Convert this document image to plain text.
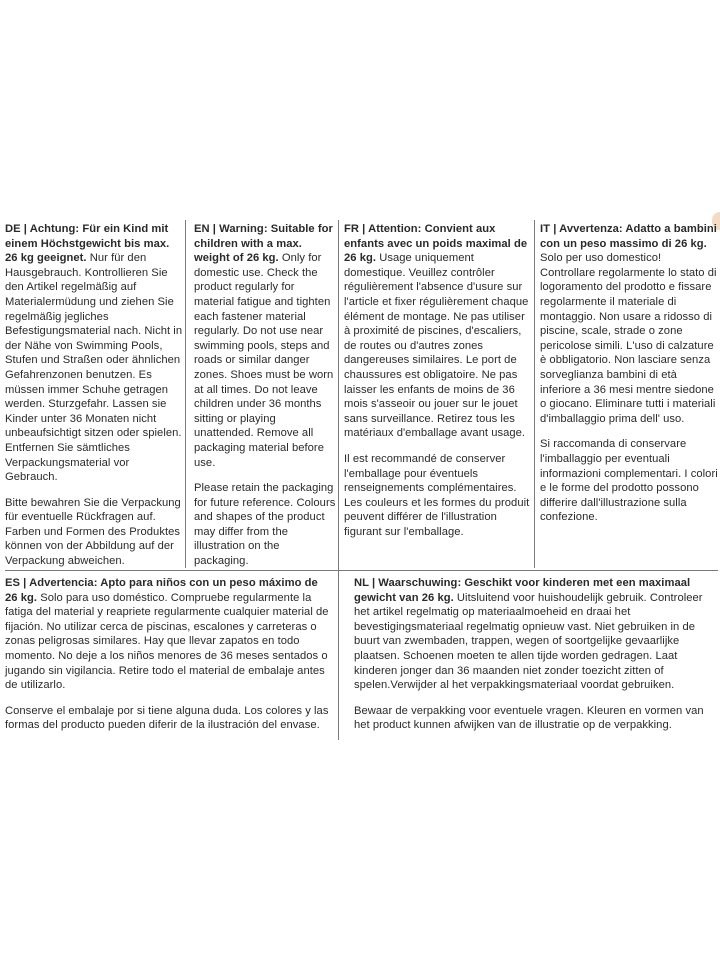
DE | Achtung: Für ein Kind mit einem Höchstgewicht bis max. 26 kg geeignet. Nur für den Hausgebrauch. Kontrollieren Sie den Artikel regelmäßig auf Materialermüdung und ziehen Sie regelmäßig jegliches Befestigungsmaterial nach. Nicht in der Nähe von Swimming Pools, Stufen und Straßen oder ähnlichen Gefahrenzonen benutzen. Es müssen immer Schuhe getragen werden. Sturzgefahr. Lassen sie Kinder unter 36 Monaten nicht unbeaufsichtigt sitzen oder spielen. Entfernen Sie sämtliches Verpackungsmaterial vor Gebrauch.

Bitte bewahren Sie die Verpackung für eventuelle Rückfragen auf. Farben und Formen des Produktes können von der Abbildung auf der Verpackung abweichen.

EN | Warning: Suitable for children with a max. weight of 26 kg. Only for domestic use. Check the product regularly for material fatigue and tighten each fastener material regularly. Do not use near swimming pools, steps and roads or similar danger zones. Shoes must be worn at all times. Do not leave children under 36 months sitting or playing unattended. Remove all packaging material before use.

Please retain the packaging for future reference. Colours and shapes of the product may differ from the illustration on the packaging.

FR | Attention: Convient aux enfants avec un poids maximal de 26 kg. Usage uniquement domestique. Veuillez contrôler régulièrement l'absence d'usure sur l'article et fixer régulièrement chaque élément de montage. Ne pas utiliser à proximité de piscines, d'escaliers, de routes ou d'autres zones dangereuses similaires. Le port de chaussures est obligatoire. Ne pas laisser les enfants de moins de 36 mois s'asseoir ou jouer sur le jouet sans surveillance. Retirez tous les matériaux d'emballage avant usage.

Il est recommandé de conserver l'emballage pour éventuels renseignements complémentaires. Les couleurs et les formes du produit peuvent différer de l'illustration figurant sur l'emballage.

IT | Avvertenza: Adatto a bambini con un peso massimo di 26 kg. Solo per uso domestico! Controllare regolarmente lo stato di logoramento del prodotto e fissare regolarmente il materiale di montaggio. Non usare a ridosso di piscine, scale, strade o zone pericolose simili. L'uso di calzature è obbligatorio. Non lasciare senza sorveglianza bambini di età inferiore a 36 mesi mentre siedone o giocano. Eliminare tutti i materiali d'imballaggio prima dell' uso.

Si raccomanda di conservare l'imballaggio per eventuali informazioni complementari. I colori e le forme del prodotto possono differire dall'illustrazione sulla confezione.

ES | Advertencia: Apto para niños con un peso máximo de 26 kg. Solo para uso doméstico. Compruebe regularmente la fatiga del material y reapriete regularmente cualquier material de fijación. No utilizar cerca de piscinas, escalones y carreteras o zonas peligrosas similares. Hay que llevar zapatos en todo momento. No deje a los niños menores de 36 meses sentados o jugando sin vigilancia. Retire todo el material de embalaje antes de utilizarlo.

Conserve el embalaje por si tiene alguna duda. Los colores y las formas del producto pueden diferir de la ilustración del envase.

NL | Waarschuwing: Geschikt voor kinderen met een maximaal gewicht van 26 kg. Uitsluitend voor huishoudelijk gebruik. Controleer het artikel regelmatig op materiaalmoeheid en draai het bevestigingsmateriaal regelmatig opnieuw vast. Niet gebruiken in de buurt van zwembaden, trappen, wegen of soortgelijke gevaarlijke plaatsen. Schoenen moeten te allen tijde worden gedragen. Laat kinderen jonger dan 36 maanden niet zonder toezicht zitten of spelen.Verwijder al het verpakkingsmateriaal voordat gebruiken.

Bewaar de verpakking voor eventuele vragen. Kleuren en vormen van het product kunnen afwijken van de illustratie op de verpakking.
